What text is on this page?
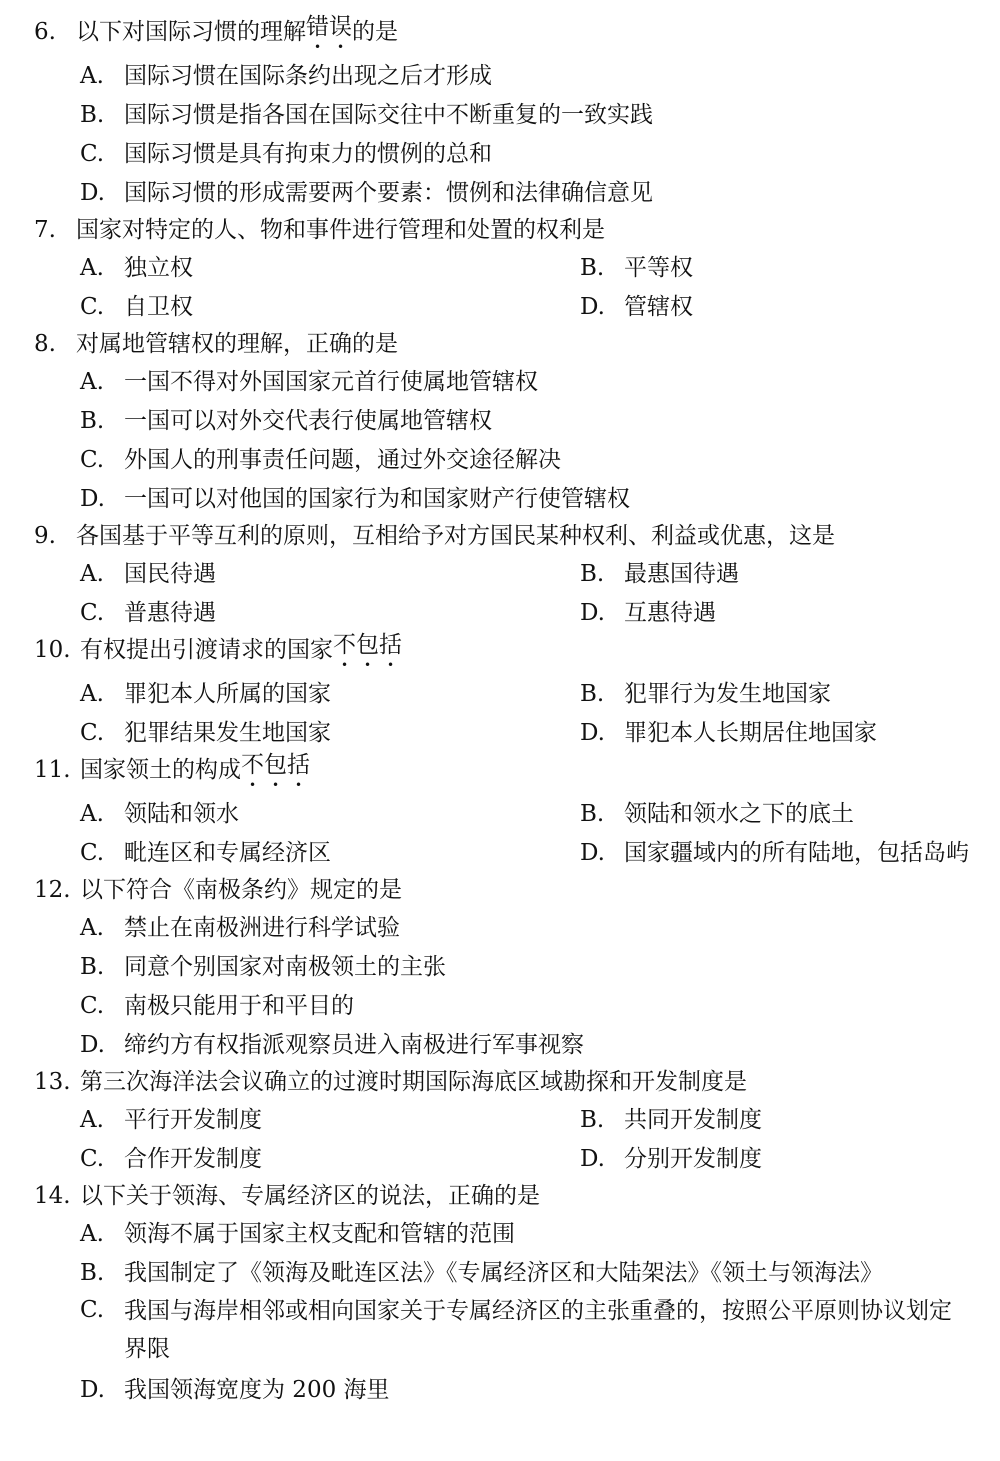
6. 以下对国际习惯的理解 错误 的是
A. 国际习惯在国际条约出现之后才形成
B. 国际习惯是指各国在国际交往中不断重复的一致实践
C. 国际习惯是具有拘束力的惯例的总和
D. 国际习惯的形成需要两个要素：惯例和法律确信意见
7. 国家对特定的人、物和事件进行管理和处置的权利是
A. 独立权	B. 平等权
C. 自卫权	D. 管辖权
8. 对属地管辖权的理解，正确的是
A. 一国不得对外国国家元首行使属地管辖权
B. 一国可以对外交代表行使属地管辖权
C. 外国人的刑事责任问题，通过外交途径解决
D. 一国可以对他国的国家行为和国家财产行使管辖权
9. 各国基于平等互利的原则，互相给予对方国民某种权利、利益或优惠，这是
A. 国民待遇	B. 最惠国待遇
C. 普惠待遇	D. 互惠待遇
10. 有权提出引渡请求的国家 不包括
A. 罪犯本人所属的国家	B. 犯罪行为发生地国家
C. 犯罪结果发生地国家	D. 罪犯本人长期居住地国家
11. 国家领土的构成 不包括
A. 领陆和领水	B. 领陆和领水之下的底土
C. 毗连区和专属经济区	D. 国家疆域内的所有陆地，包括岛屿
12. 以下符合《南极条约》规定的是
A. 禁止在南极洲进行科学试验
B. 同意个别国家对南极领土的主张
C. 南极只能用于和平目的
D. 缔约方有权指派观察员进入南极进行军事视察
13. 第三次海洋法会议确立的过渡时期国际海底区域勘探和开发制度是
A. 平行开发制度	B. 共同开发制度
C. 合作开发制度	D. 分别开发制度
14. 以下关于领海、专属经济区的说法，正确的是
A. 领海不属于国家主权支配和管辖的范围
B. 我国制定了《领海及毗连区法》《专属经济区和大陆架法》《领土与领海法》
C. 我国与海岸相邻或相向国家关于专属经济区的主张重叠的，按照公平原则协议划定界限
D. 我国领海宽度为 200 海里
